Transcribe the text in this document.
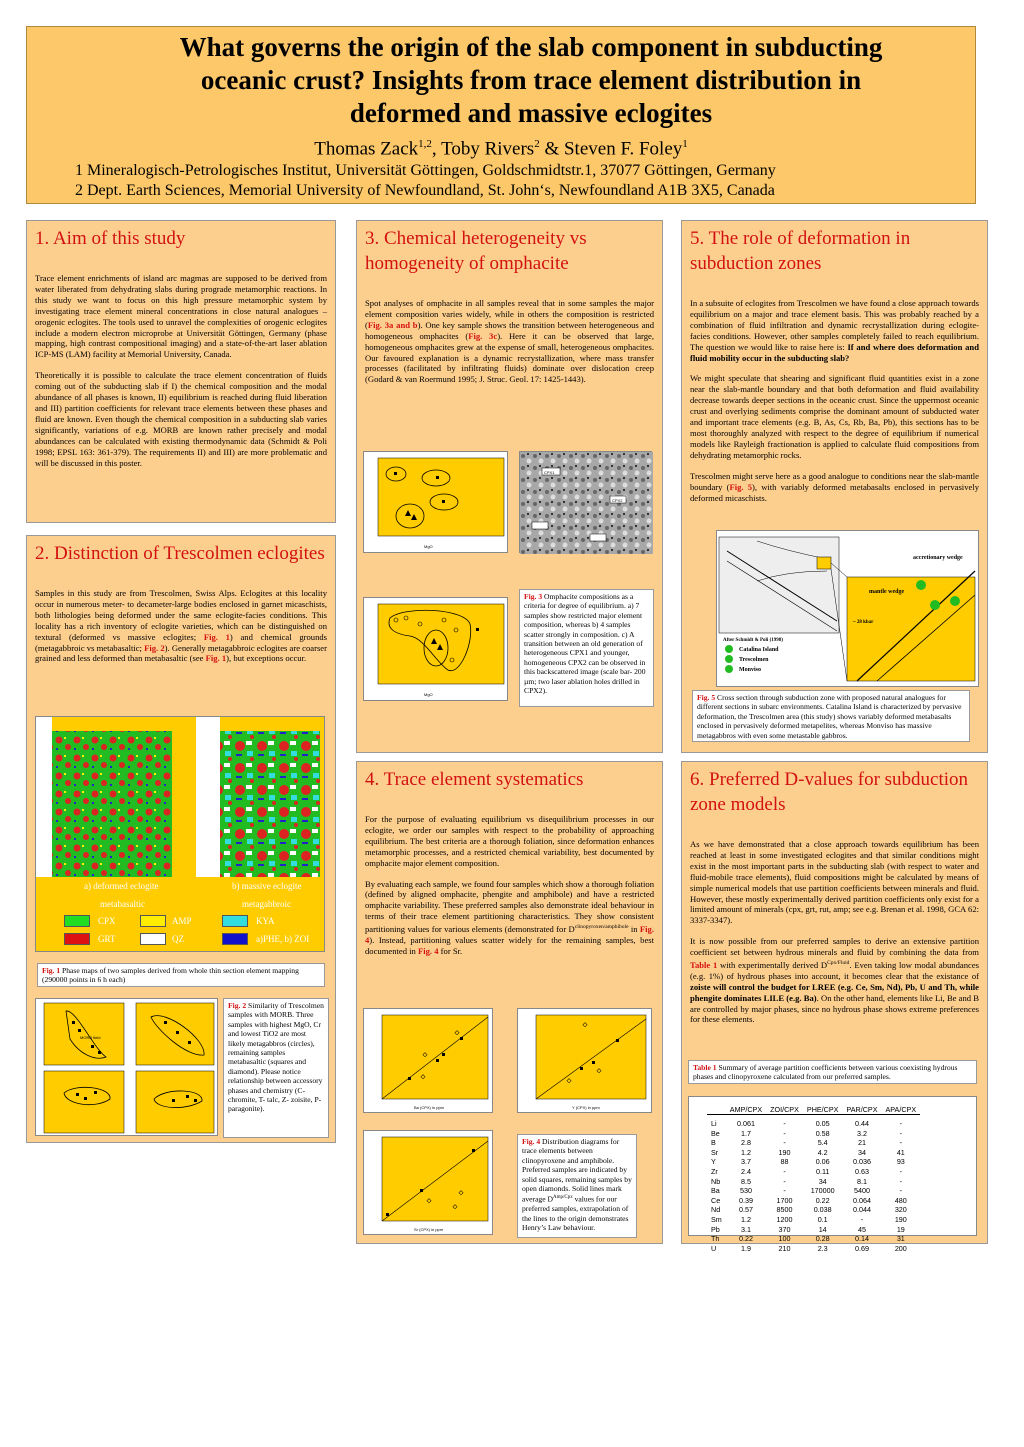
What governs the origin of the slab component in subducting oceanic crust? Insights from trace element distribution in deformed and massive eclogites
Thomas Zack$^{1,2}$, Toby Rivers$^2$ & Steven F. Foley$^1$
1 Mineralogisch-Petrologisches Institut, Universität Göttingen, Goldschmidtstr.1, 37077 Göttingen, Germany
2 Dept. Earth Sciences, Memorial University of Newfoundland, St. John‘s, Newfoundland A1B 3X5, Canada
1. Aim of this study

Trace element enrichments of island arc magmas are supposed to be derived from water liberated from dehydrating slabs during prograde metamorphic reactions. In this study we want to focus on this high pressure metamorphic system by investigating trace element mineral concentrations in close natural analogues – orogenic eclogites. The tools used to unravel the complexities of orogenic eclogites include a modern electron microprobe at Universität Göttingen, Germany (phase mapping, high contrast compositional imaging) and a state-of-the-art laser ablation ICP-MS (LAM) facility at Memorial University, Canada.

Theoretically it is possible to calculate the trace element concentration of fluids coming out of the subducting slab if I) the chemical composition and the modal abundance of all phases is known, II) equilibrium is reached during fluid liberation and III) partition coefficients for relevant trace elements between these phases and fluid are known. Even though the chemical composition in a subducting slab varies significantly, variations of e.g. MORB are known rather precisely and modal abundances can be calculated with existing thermodynamic data (Schmidt & Poli 1998; EPSL 163: 361-379). The requirements II) and III) are more problematic and will be discussed in this poster.

2. Distinction of Trescolmen eclogites

Samples in this study are from Trescolmen, Swiss Alps. Eclogites at this locality occur in numerous meter- to decameter-large bodies enclosed in garnet micaschists, both lithologies being deformed under the same eclogite-facies conditions. This locality has a rich inventory of eclogite varieties, which can be distinguished on textural (deformed vs massive eclogites; Fig. 1) and chemical grounds (metagabbroic vs metabasaltic; Fig. 2). Generally metagabbroic eclogites are coarser grained and less deformed than metabasaltic (see Fig. 1), but exceptions occur.

a) deformed eclogite	b) massive eclogite
metabasaltic	metagabbroic
CPX	AMP	KYA
GRT	QZ	a)PHE, b) ZOI
Fig. 1 Phase maps of two samples derived from whole thin section element mapping (290000 points in 6 h each)
MORB field
Fig. 2 Similarity of Trescolmen samples with MORB. Three samples with highest MgO, Cr and lowest TiO2 are most likely metagabbros (circles), remaining samples metabasaltic (squares and diamond). Please notice relationship between accessory phases and chemistry (C- chromite, T- talc, Z- zoisite, P- paragonite).
3. Chemical heterogeneity vs homogeneity of omphacite

Spot analyses of omphacite in all samples reveal that in some samples the major element composition varies widely, while in others the composition is restricted (Fig. 3a and b). One key sample shows the transition between heterogeneous and homogeneous omphacites (Fig. 3c). Here it can be observed that large, homogeneous omphacites grew at the expense of small, heterogeneous omphacites. Our favoured explanation is a dynamic recrystallization, where mass transfer processes (facilitated by infiltrating fluids) dominate over dislocation creep (Godard & van Roermund 1995; J. Struc. Geol. 17: 1425-1443).

MgO
CPX1
CPX2
MgO
Fig. 3 Omphacite compositions as a criteria for degree of equilibrium. a) 7 samples show restricted major element composition, whereas b) 4 samples scatter strongly in composition. c) A transition between an old generation of heterogeneous CPX1 and younger, homogeneous CPX2 can be observed in this backscattered image (scale bar- 200 µm; two laser ablation holes drilled in CPX2).
4. Trace element systematics

For the purpose of evaluating equilibrium vs disequilibrium processes in our eclogite, we order our samples with respect to the probability of approaching equilibrium. The best criteria are a thorough foliation, since deformation enhances metamorphic processes, and a restricted chemical variability, best documented by omphacite major element composition.

By evaluating each sample, we found four samples which show a thorough foliation (defined by aligned omphacite, phengite and amphibole) and have a restricted omphacite variability. These preferred samples also demonstrate ideal behaviour in terms of their trace element partitioning characteristics. They show consistent partitioning values for various elements (demonstrated for $D^{clinopyroxen/amphibole}$ in Fig. 4). Instead, partitioning values scatter widely for the remaining samples, best documented in Fig. 4 for Sr.

Ba (CPX) in ppm	Y (CPX) in ppm
Sr (CPX) in ppm
Fig. 4 Distribution diagrams for trace elements between clinopyroxene and amphibole. Preferred samples are indicated by solid squares, remaining samples by open diamonds. Solid lines mark average $D^{Amp/Cpx}$ values for our preferred samples, extrapolation of the lines to the origin demonstrates Henry’s Law behaviour.
5. The role of deformation in subduction zones

In a subsuite of eclogites from Trescolmen we have found a close approach towards equilibrium on a major and trace element basis. This was probably reached by a combination of fluid infiltration and dynamic recrystallization during eclogite-facies conditions. However, other samples completely failed to reach equilibrium. The question we would like to raise here is: If and where does deformation and fluid mobility occur in the subducting slab?

We might speculate that shearing and significant fluid quantities exist in a zone near the slab-mantle boundary and that both deformation and fluid availability decrease towards deeper sections in the oceanic crust. Since the uppermost oceanic crust and overlying sediments comprise the dominant amount of subducted water and important trace elements (e.g. B, As, Cs, Rb, Ba, Pb), this sections has to be most thoroughly analyzed with respect to the degree of equilibrium if numerical models like Rayleigh fractionation is applied to calculate fluid compositions from dehydrating metamorphic rocks.

Trescolmen might serve here as a good analogue to conditions near the slab-mantle boundary (Fig. 5), with variably deformed metabasalts enclosed in pervasively deformed micaschists.

accretionary wedge
mantle wedge
~ 28 kbar
After Schmidt & Poli (1998)
Catalina Island
Trescolmen
Monviso
Fig. 5 Cross section through subduction zone with proposed natural analogues for different sections in subarc environments. Catalina Island is characterized by pervasive deformation, the Trescolmen area (this study) shows variably deformed metabasalts enclosed in pervasively deformed metapelites, whereas Monviso has massive metagabbros with even some metastable gabbros.
6. Preferred D-values for subduction zone models

As we have demonstrated that a close approach towards equilibrium has been reached at least in some investigated eclogites and that similar conditions might exist in the most important parts in the subducting slab (with respect to water and fluid-mobile trace elements), fluid compositions might be calculated by means of simple numerical models that use partition coefficients between minerals and fluid. However, these mostly experimentally derived partition coefficients only exist for a limited amount of minerals (cpx, grt, rut, amp; see e.g. Brenan et al. 1998, GCA 62: 3337-3347).

It is now possible from our preferred samples to derive an extensive partition coefficient set between hydrous minerals and fluid by combining the data from Table 1 with experimentally derived $D^{Cpx/Fluid}$. Even taking low modal abundances (e.g. 1%) of hydrous phases into account, it becomes clear that the existance of zoiste will control the budget for LREE (e.g. Ce, Sm, Nd), Pb, U and Th, while phengite dominates LILE (e.g. Ba). On the other hand, elements like Li, Be and B are controlled by major phases, since no hydrous phase shows extreme preferences for these elements.

Table 1 Summary of average partition coefficients between various coexisting hydrous phases and clinopyroxene calculated from our preferred samples.
	AMP/CPX	ZOI/CPX	PHE/CPX	PAR/CPX	APA/CPX
Li	0.061	-	0.05	0.44	-
Be	1.7	-	0.58	3.2	-
B	2.8	-	5.4	21	-
Sr	1.2	190	4.2	34	41
Y	3.7	88	0.06	0.036	93
Zr	2.4	-	0.11	0.63	-
Nb	8.5	-	34	8.1	-
Ba	530	-	170000	5400	-
Ce	0.39	1700	0.22	0.064	480
Nd	0.57	8500	0.038	0.044	320
Sm	1.2	1200	0.1	-	190
Pb	3.1	370	14	45	19
Th	0.22	100	0.28	0.14	31
U	1.9	210	2.3	0.69	200
